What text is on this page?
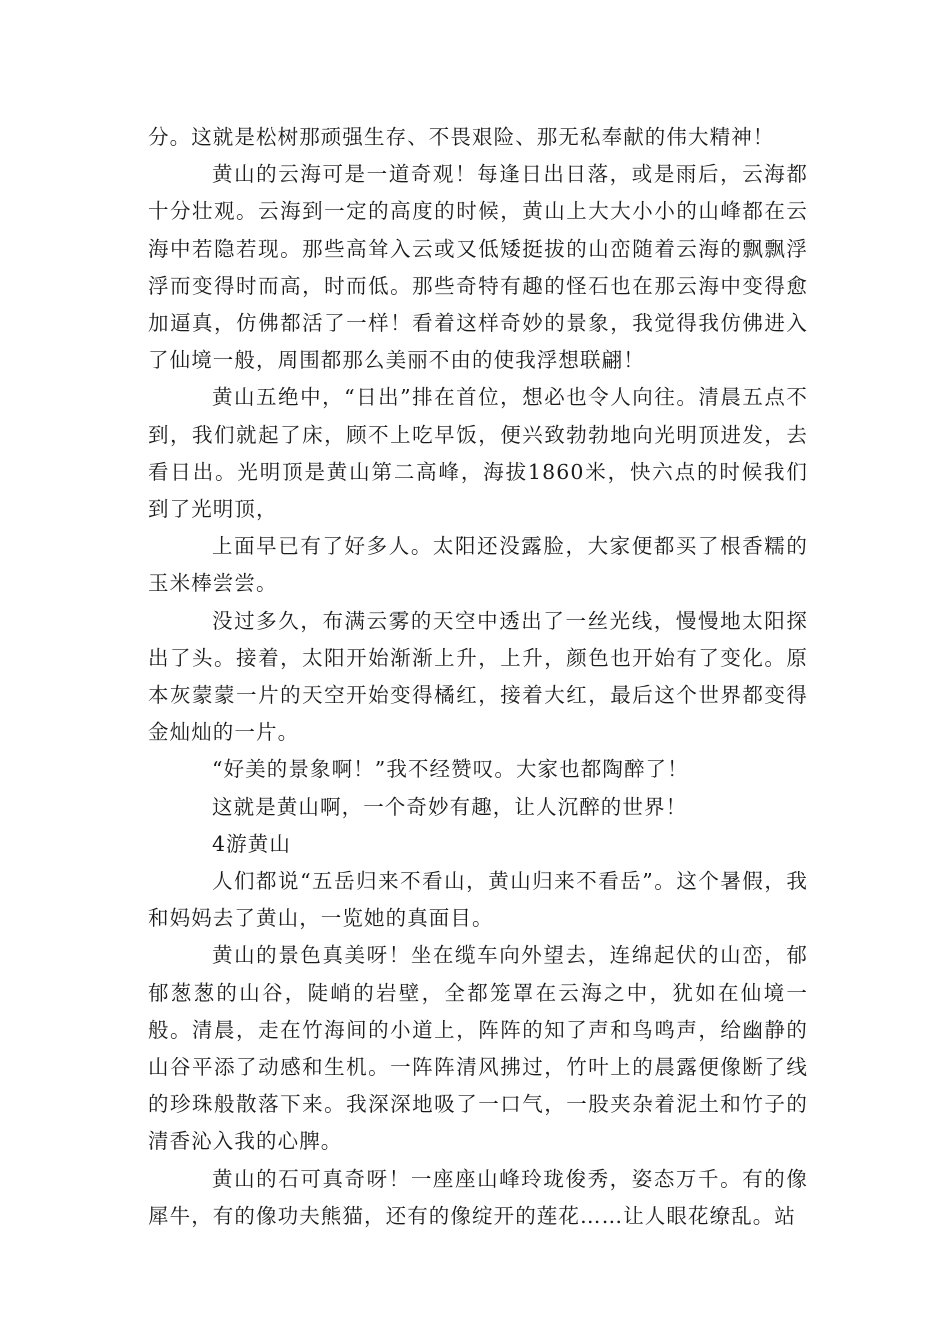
分。这就是松树那顽强生存、不畏艰险、那无私奉献的伟大精神！

黄山的云海可是一道奇观！每逢日出日落，或是雨后，云海都十分壮观。云海到一定的高度的时候，黄山上大大小小的山峰都在云海中若隐若现。那些高耸入云或又低矮挺拔的山峦随着云海的飘飘浮浮而变得时而高，时而低。那些奇特有趣的怪石也在那云海中变得愈加逼真，仿佛都活了一样！看着这样奇妙的景象，我觉得我仿佛进入了仙境一般，周围都那么美丽不由的使我浮想联翩！

黄山五绝中，“日出”排在首位，想必也令人向往。清晨五点不到，我们就起了床，顾不上吃早饭，便兴致勃勃地向光明顶进发，去看日出。光明顶是黄山第二高峰，海拔1860米，快六点的时候我们到了光明顶，

上面早已有了好多人。太阳还没露脸，大家便都买了根香糯的玉米棒尝尝。

没过多久，布满云雾的天空中透出了一丝光线，慢慢地太阳探出了头。接着，太阳开始渐渐上升，上升，颜色也开始有了变化。原本灰蒙蒙一片的天空开始变得橘红，接着大红，最后这个世界都变得金灿灿的一片。

“好美的景象啊！”我不经赞叹。大家也都陶醉了！

这就是黄山啊，一个奇妙有趣，让人沉醉的世界！

4游黄山

人们都说“五岳归来不看山，黄山归来不看岳”。这个暑假，我和妈妈去了黄山，一览她的真面目。

黄山的景色真美呀！坐在缆车向外望去，连绵起伏的山峦，郁郁葱葱的山谷，陡峭的岩壁，全都笼罩在云海之中，犹如在仙境一般。清晨，走在竹海间的小道上，阵阵的知了声和鸟鸣声，给幽静的山谷平添了动感和生机。一阵阵清风拂过，竹叶上的晨露便像断了线的珍珠般散落下来。我深深地吸了一口气，一股夹杂着泥土和竹子的清香沁入我的心脾。

黄山的石可真奇呀！一座座山峰玲珑俊秀，姿态万千。有的像犀牛，有的像功夫熊猫，还有的像绽开的莲花……让人眼花缭乱。站
